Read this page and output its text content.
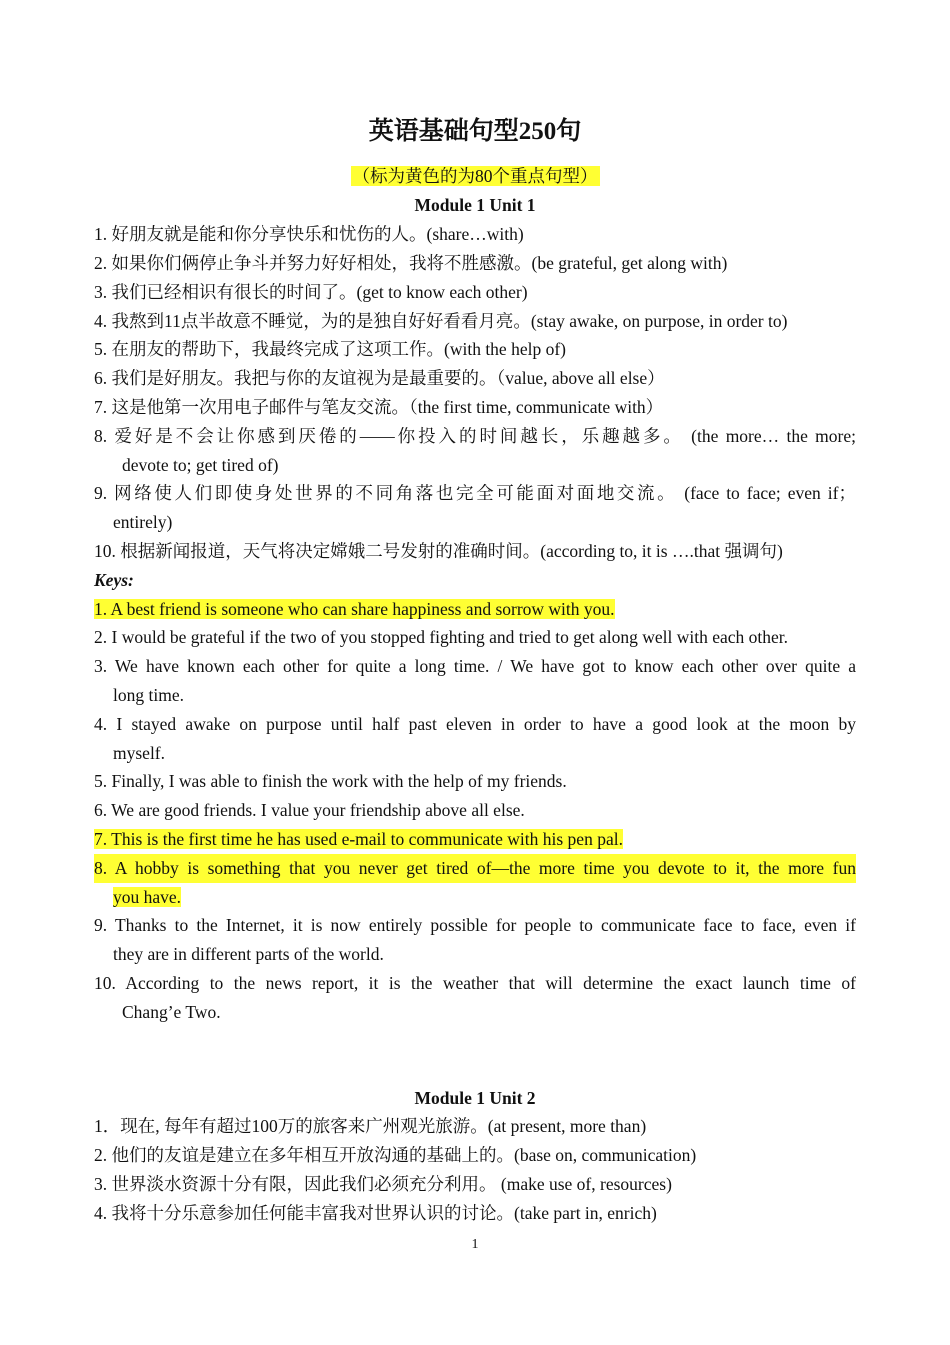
英语基础句型250句
（标为黄色的为80个重点句型）
Module 1 Unit 1
1. 好朋友就是能和你分享快乐和忧伤的人。(share…with)
2. 如果你们俩停止争斗并努力好好相处，我将不胜感激。(be grateful, get along with)
3. 我们已经相识有很长的时间了。(get to know each other)
4. 我熬到11点半故意不睡觉，为的是独自好好看看月亮。(stay awake, on purpose, in order to)
5. 在朋友的帮助下，我最终完成了这项工作。(with the help of)
6. 我们是好朋友。我把与你的友谊视为是最重要的。（value, above all else）
7. 这是他第一次用电子邮件与笔友交流。（the first time, communicate with）
8. 爱好是不会让你感到厌倦的——你投入的时间越长，乐趣越多。 (the more… the more;
devote to; get tired of)
9. 网络使人们即使身处世界的不同角落也完全可能面对面地交流。 (face to face; even if；
entirely)
10. 根据新闻报道，天气将决定嫦娥二号发射的准确时间。(according to, it is ….that 强调句)
Keys:
1. A best friend is someone who can share happiness and sorrow with you.
2. I would be grateful if the two of you stopped fighting and tried to get along well with each other.
3. We have known each other for quite a long time. / We have got to know each other over quite a
long time.
4. I stayed awake on purpose until half past eleven in order to have a good look at the moon by
myself.
5. Finally, I was able to finish the work with the help of my friends.
6. We are good friends. I value your friendship above all else.
7. This is the first time he has used e-mail to communicate with his pen pal.
8. A hobby is something that you never get tired of—the more time you devote to it, the more fun
you have.
9. Thanks to the Internet, it is now entirely possible for people to communicate face to face, even if
they are in different parts of the world.
10. According to the news report, it is the weather that will determine the exact launch time of
Chang’e Two.
Module 1 Unit 2
1．现在, 每年有超过100万的旅客来广州观光旅游。(at present, more than)
2. 他们的友谊是建立在多年相互开放沟通的基础上的。(base on, communication)
3. 世界淡水资源十分有限，因此我们必须充分利用。 (make use of, resources)
4. 我将十分乐意参加任何能丰富我对世界认识的讨论。(take part in, enrich)
1
